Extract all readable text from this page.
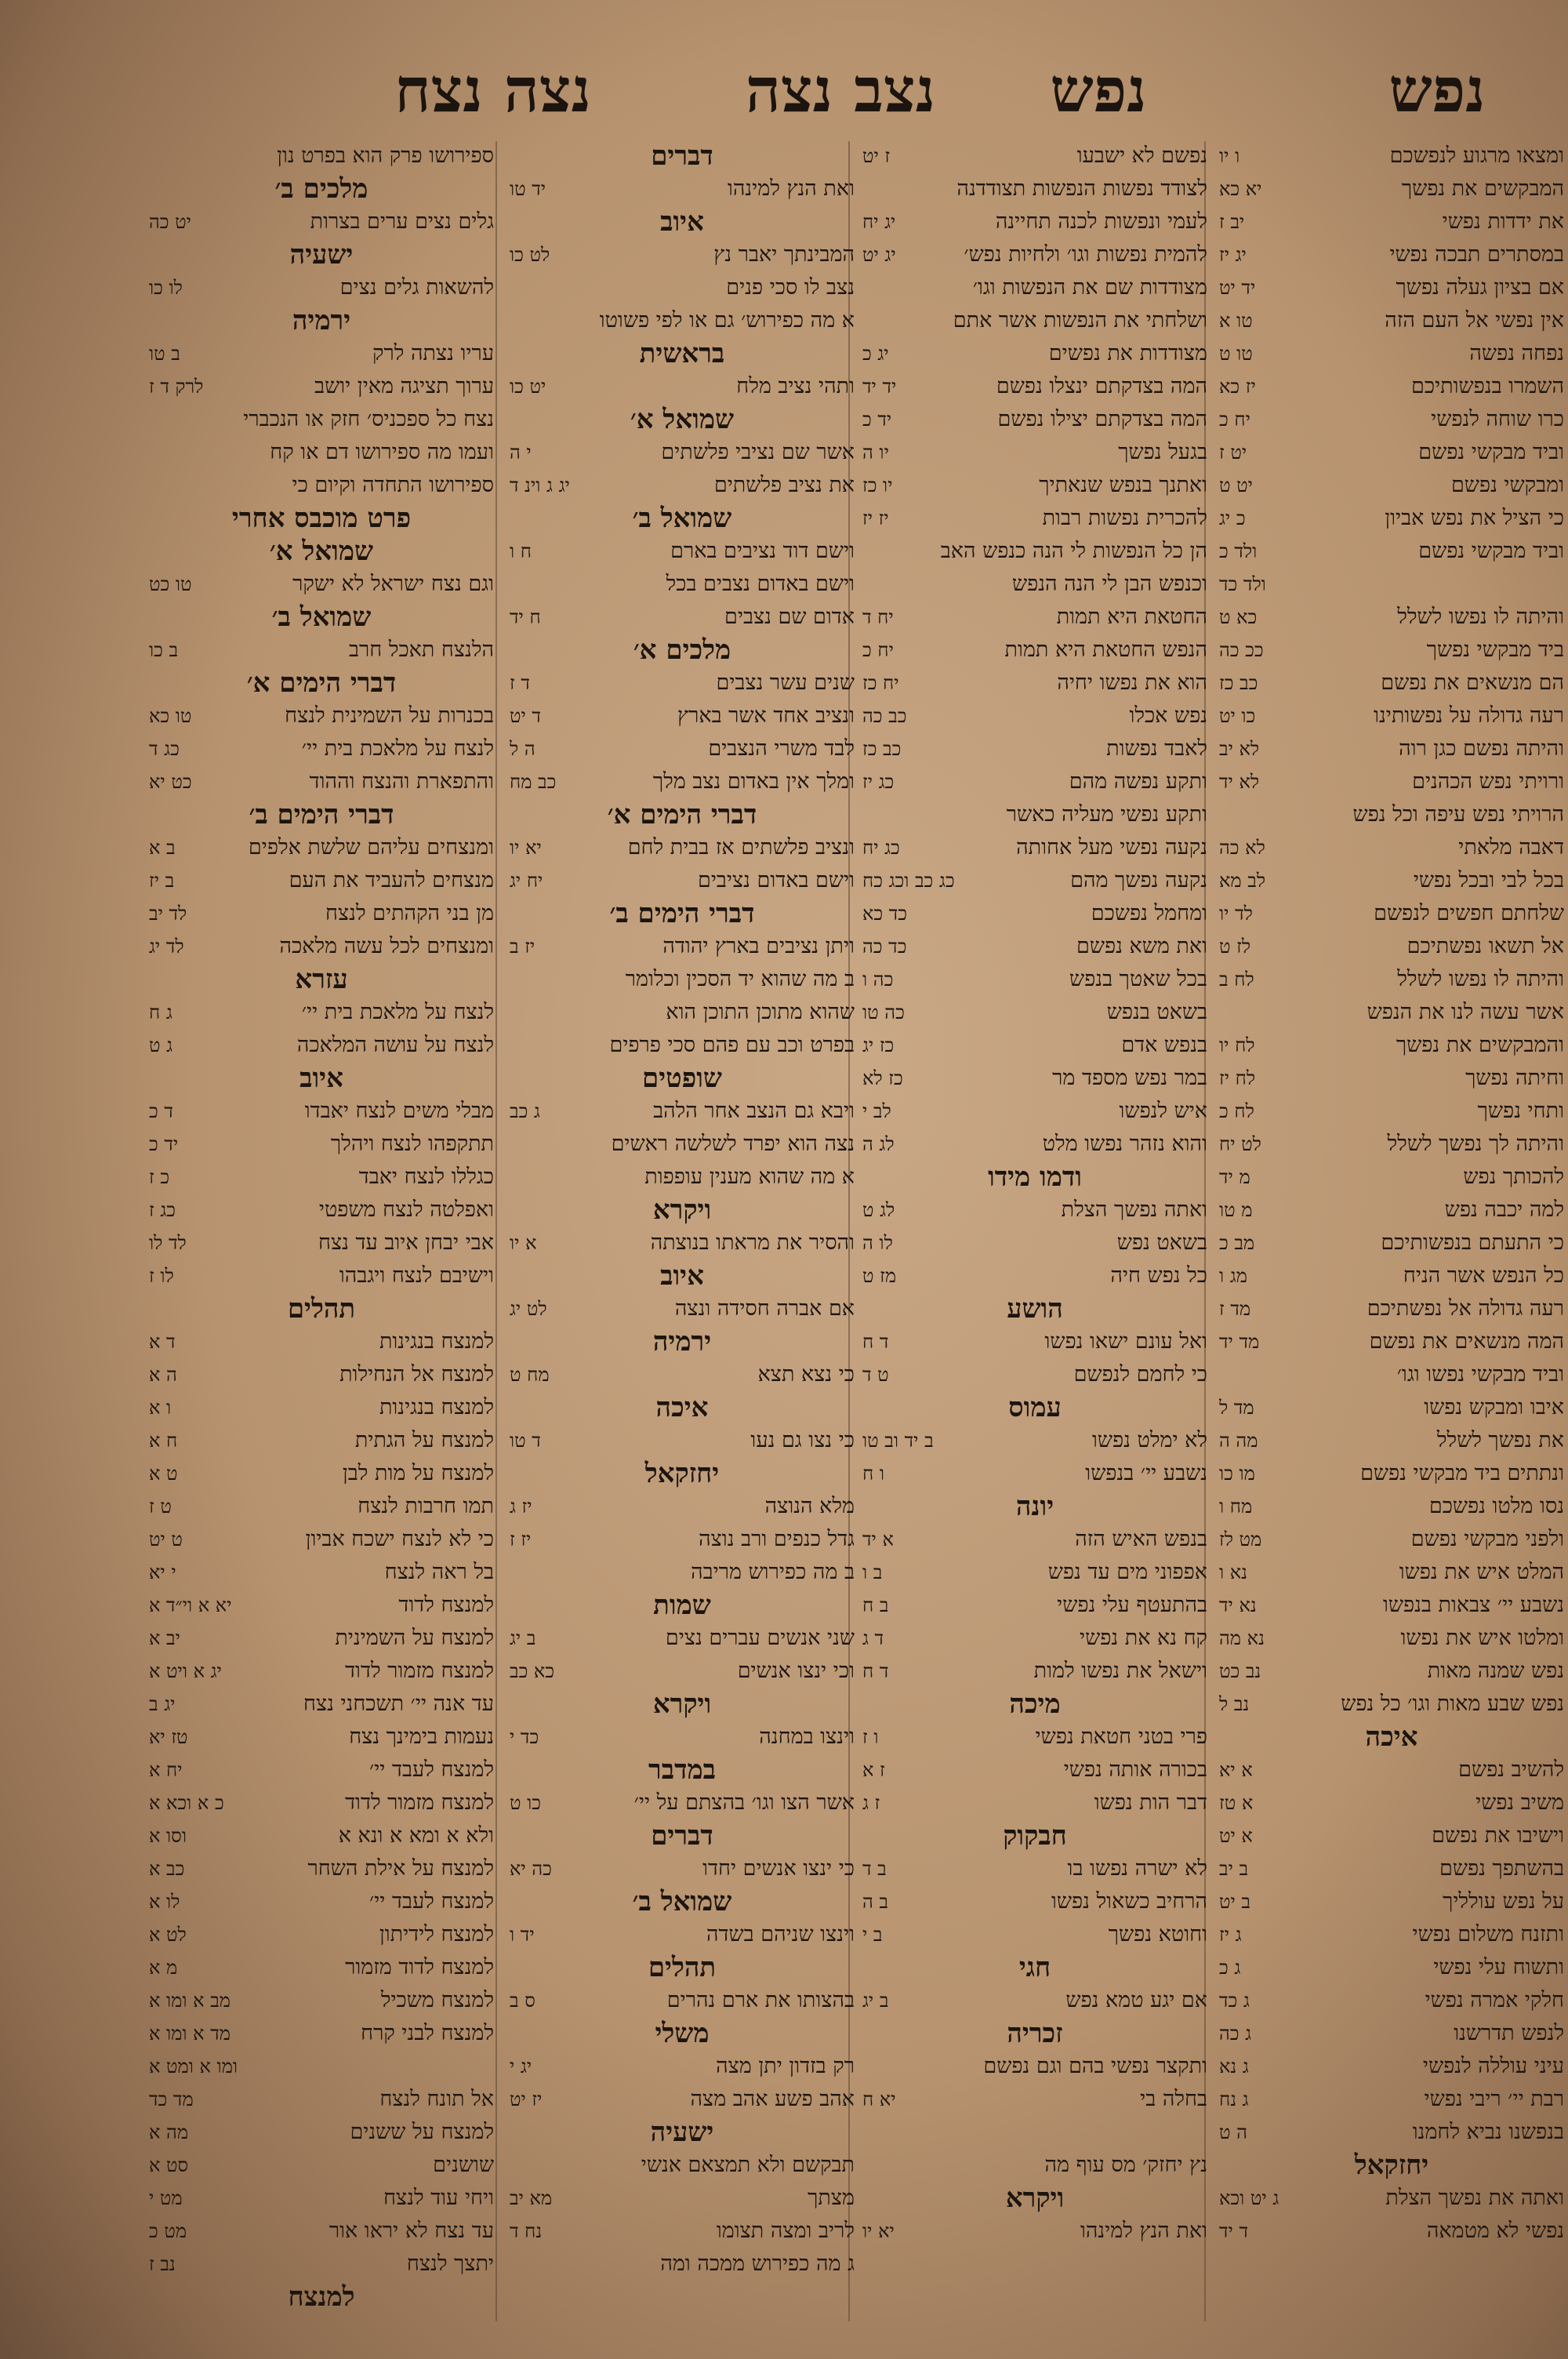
נפש
נפש
נצב נצה
נצה נצח
ומצאו מרגוע לנפשכם
ו יו
המבקשים את נפשך
יא כא
את ידדות נפשי
יב ז
במסתרים תבכה נפשי
יג יז
אם בציון געלה נפשך
יד יט
אין נפשי אל העם הזה
טו א
נפחה נפשה
טו ט
השמרו בנפשותיכם
יז כא
כרו שוחה לנפשי
יח כ
וביד מבקשי נפשם
יט ז
ומבקשי נפשם
יט ט
כי הציל את נפש אביון
כ יג
וביד מבקשי נפשם
ולד כ
ולד כד
והיתה לו נפשו לשלל
כא ט
ביד מבקשי נפשך
ככ כה
הם מנשאים את נפשם
כב כז
רעה גדולה על נפשותינו
כו יט
והיתה נפשם כגן רוה
לא יב
ורויתי נפש הכהנים
לא יד
הרויתי נפש עיפה וכל נפש
דאבה מלאתי
לא כה
בכל לבי ובכל נפשי
לב מא
שלחתם חפשים לנפשם
לד יו
אל תשאו נפשתיכם
לז ט
והיתה לו נפשו לשלל
לח ב
אשר עשה לנו את הנפש
והמבקשים את נפשך
לח יו
וחיתה נפשך
לח יז
ותחי נפשך
לח כ
והיתה לך נפשך לשלל
לט יח
להכותך נפש
מ יד
למה יכבה נפש
מ טו
כי התעתם בנפשותיכם
מב כ
כל הנפש אשר הניח
מג ו
רעה גדולה אל נפשתיכם
מד ז
המה מנשאים את נפשם
מד יד
וביד מבקשי נפשו וגו׳
איבו ומבקש נפשו
מד ל
את נפשך לשלל
מה ה
ונתתים ביד מבקשי נפשם
מו כו
נסו מלטו נפשכם
מח ו
ולפני מבקשי נפשם
מט לז
המלט איש את נפשו
נא ו
נשבע יי׳ צבאות בנפשו
נא יד
ומלטו איש את נפשו
נא מה
נפש שמנה מאות
נב כט
נפש שבע מאות וגו׳ כל נפש
נב ל
איכה
להשיב נפשם
א יא
משיב נפשי
א טז
וישיבו את נפשם
א יט
בהשתפך נפשם
ב יב
על נפש עולליך
ב יט
ותזנח משלום נפשי
ג יז
ותשוח עלי נפשי
ג כ
חלקי אמרה נפשי
ג כד
לנפש תדרשנו
ג כה
עיני עוללה לנפשי
ג נא
רבת יי׳ ריבי נפשי
ג נח
בנפשנו נביא לחמנו
ה ט
יחזקאל
ואתה את נפשך הצלת
ג יט וכא
נפשי לא מטמאה
ד יד
נפשם לא ישבעו
ז יט
לצודד נפשות הנפשות תצודדנה
לעמי ונפשות לכנה תחיינה
יג יח
להמית נפשות וגו׳ ולחיות נפש׳
יג יט
מצודדות שם את הנפשות וגו׳
ושלחתי את הנפשות אשר אתם
מצודדות את נפשים
יג כ
המה בצדקתם ינצלו נפשם
יד יד
המה בצדקתם יצילו נפשם
יד כ
בגעל נפשך
יו ה
ואתנך בנפש שנאתיך
יו כז
להכרית נפשות רבות
יז יז
הן כל הנפשות לי הנה כנפש האב
וכנפש הבן לי הנה הנפש
החטאת היא תמות
יח ד
הנפש החטאת היא תמות
יח כ
הוא את נפשו יחיה
יח כז
נפש אכלו
כב כה
לאבד נפשות
כב כז
ותקע נפשה מהם
כג יז
ותקע נפשי מעליה כאשר
נקעה נפשי מעל אחותה
כג יח
נקעה נפשך מהם
כג כב וכג כח
ומחמל נפשכם
כד כא
ואת משא נפשם
כד כה
בכל שאטך בנפש
כה ו
בשאט בנפש
כה טו
בנפש אדם
כז יג
במר נפש מספד מר
כז לא
איש לנפשו
לב י
והוא נזהר נפשו מלט
לג ה
ודמו מידו
ואתה נפשך הצלת
לג ט
בשאט נפש
לו ה
כל נפש חיה
מז ט
הושע
ואל עונם ישאו נפשו
ד ח
כי לחמם לנפשם
ט ד
עמוס
לא ימלט נפשו
ב יד וב טו
נשבע יי׳ בנפשו
ו ח
יונה
בנפש האיש הזה
א יד
אפפוני מים עד נפש
ב ו
בהתעטף עלי נפשי
ב ח
קח נא את נפשי
ד ג
וישאל את נפשו למות
ד ח
מיכה
פרי בטני חטאת נפשי
ו ז
בכורה אותה נפשי
ז א
דבר הות נפשו
ז ג
חבקוק
לא ישרה נפשו בו
ב ד
הרחיב כשאול נפשו
ב ה
וחוטא נפשך
ב י
חגי
אם יגע טמא נפש
ב יג
זכריה
ותקצר נפשי בהם וגם נפשם
בחלה בי
יא ח
נץ יחזק׳ מס עוף מה
ויקרא
ואת הנץ למינהו
יא יו
דברים
ואת הנץ למינהו
יד טו
איוב
המבינתך יאבר נץ
לט כו
נצב לו סכי פנים
א מה כפירוש׳ גם או לפי פשוטו
בראשית
ותהי נציב מלח
יט כו
שמואל א׳
אשר שם נציבי פלשתים
י ה
את נציב פלשתים
יג ג וינ ד
שמואל ב׳
וישם דוד נציבים בארם
ח ו
וישם באדום נצבים בכל
אדום שם נצבים
ח יד
מלכים א׳
שנים עשר נצבים
ד ז
ונציב אחד אשר בארץ
ד יט
לבד משרי הנצבים
ה ל
ומלך אין באדום נצב מלך
כב מח
דברי הימים א׳
ונציב פלשתים אז בבית לחם
יא יו
וישם באדום נציבים
יח יג
דברי הימים ב׳
ויתן נציבים בארץ יהודה
יז ב
ב מה שהוא יד הסכין וכלומר
שהוא מתוכן התוכן הוא
בפרט וכב עם פהם סכי פרפים
שופטים
ויבא גם הנצב אחר הלהב
ג כב
נצה הוא יפרד לשלשה ראשים
א מה שהוא מענין עופפות
ויקרא
והסיר את מראתו בנוצתה
א יו
איוב
אם אברה חסידה ונצה
לט יג
ירמיה
כי נצא תצא
מח ט
איכה
כי נצו גם נעו
ד טו
יחזקאל
מלא הנוצה
יז ג
גדל כנפים ורב נוצה
יז ז
ב מה כפירוש מריבה
שמות
שני אנשים עברים נצים
ב יג
וכי ינצו אנשים
כא כב
ויקרא
וינצו במחנה
כד י
במדבר
אשר הצו וגו׳ בהצתם על יי׳
כו ט
דברים
כי ינצו אנשים יחדו
כה יא
שמואל ב׳
וינצו שניהם בשדה
יד ו
תהלים
בהצותו את ארם נהרים
ס ב
משלי
רק בזדון יתן מצה
יג י
אהב פשע אהב מצה
יז יט
ישעיה
תבקשם ולא תמצאם אנשי
מצתך
מא יב
לריב ומצה תצומו
נח ד
ג מה כפירוש ממכה ומה
ספירושו פרק הוא בפרט נון
מלכים ב׳
גלים נצים ערים בצרות
יט כה
ישעיה
להשאות גלים נצים
לו כו
ירמיה
עריו נצתה לרק
ב טו
ערוך תציגה מאין יושב
לרק ד ז
נצח כל ספכניס׳ חזק או הנכברי
ועמו מה ספירושו דם או קח
ספירושו התחדה וקיום כי
פרט מוכבס אחרי
שמואל א׳
וגם נצח ישראל לא ישקר
טו כט
שמואל ב׳
הלנצח תאכל חרב
ב כו
דברי הימים א׳
בכנרות על השמינית לנצח
טו כא
לנצח על מלאכת בית יי׳
כג ד
והתפארת והנצח וההוד
כט יא
דברי הימים ב׳
ומנצחים עליהם שלשת אלפים
ב א
מנצחים להעביד את העם
ב יז
מן בני הקהתים לנצח
לד יב
ומנצחים לכל עשה מלאכה
לד יג
עזרא
לנצח על מלאכת בית יי׳
ג ח
לנצח על עושה המלאכה
ג ט
איוב
מבלי משים לנצח יאבדו
ד כ
תתקפהו לנצח ויהלך
יד כ
כגללו לנצח יאבד
כ ז
ואפלטה לנצח משפטי
כג ז
אבי יבחן איוב עד נצח
לד לו
וישיבם לנצח ויגבהו
לו ז
תהלים
למנצח בנגינות
ד א
למנצח אל הנחילות
ה א
למנצח בנגינות
ו א
למנצח על הגתית
ח א
למנצח על מות לבן
ט א
תמו חרבות לנצח
ט ז
כי לא לנצח ישכח אביון
ט יט
בל ראה לנצח
י יא
למנצח לדוד
יא א וי״ד א
למנצח על השמינית
יב א
למנצח מזמור לדוד
יג א ויט א
עד אנה יי׳ תשכחני נצח
יג ב
נעמות בימינך נצח
טז יא
למנצח לעבד יי׳
יח א
למנצח מזמור לדוד
כ א וכא א
ולא א ומא א ונא א
וסו א
למנצח על אילת השחר
כב א
למנצח לעבד יי׳
לו א
למנצח לידיתון
לט א
למנצח לדוד מזמור
מ א
למנצח משכיל
מב א ומו א
למנצח לבני קרח
מד א ומו א
ומו א ומט א
אל תונח לנצח
מד כד
למנצח על ששנים
מה א
שושנים
סט א
ויחי עוד לנצח
מט י
עד נצח לא יראו אור
מט כ
יתצך לנצח
נב ז
למנצח
